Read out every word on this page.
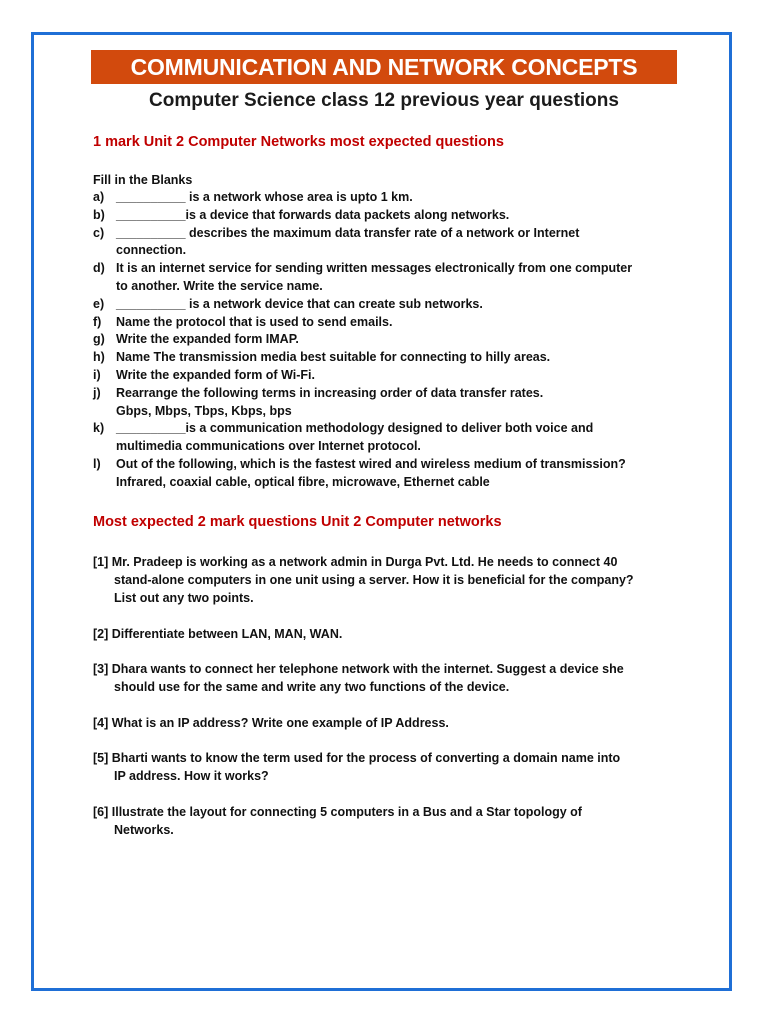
COMMUNICATION AND NETWORK CONCEPTS
Computer Science class 12 previous year questions
1 mark Unit 2 Computer Networks most expected questions
Fill in the Blanks
a) __________ is a network whose area is upto 1 km.
b) __________is a device that forwards data packets along networks.
c) __________ describes the maximum data transfer rate of a network or Internet
connection.
d) It is an internet service for sending written messages electronically from one computer
to another. Write the service name.
e) __________ is a network device that can create sub networks.
f) Name the protocol that is used to send emails.
g) Write the expanded form IMAP.
h) Name The transmission media best suitable for connecting to hilly areas.
i) Write the expanded form of Wi-Fi.
j) Rearrange the following terms in increasing order of data transfer rates.
Gbps, Mbps, Tbps, Kbps, bps
k) __________is a communication methodology designed to deliver both voice and
multimedia communications over Internet protocol.
l) Out of the following, which is the fastest wired and wireless medium of transmission?
Infrared, coaxial cable, optical fibre, microwave, Ethernet cable
Most expected 2 mark questions Unit 2 Computer networks
[1] Mr. Pradeep is working as a network admin in Durga Pvt. Ltd. He needs to connect 40
stand-alone computers in one unit using a server. How it is beneficial for the company?
List out any two points.
[2] Differentiate between LAN, MAN, WAN.
[3] Dhara wants to connect her telephone network with the internet. Suggest a device she
should use for the same and write any two functions of the device.
[4] What is an IP address? Write one example of IP Address.
[5] Bharti wants to know the term used for the process of converting a domain name into
IP address. How it works?
[6] Illustrate the layout for connecting 5 computers in a Bus and a Star topology of
Networks.
